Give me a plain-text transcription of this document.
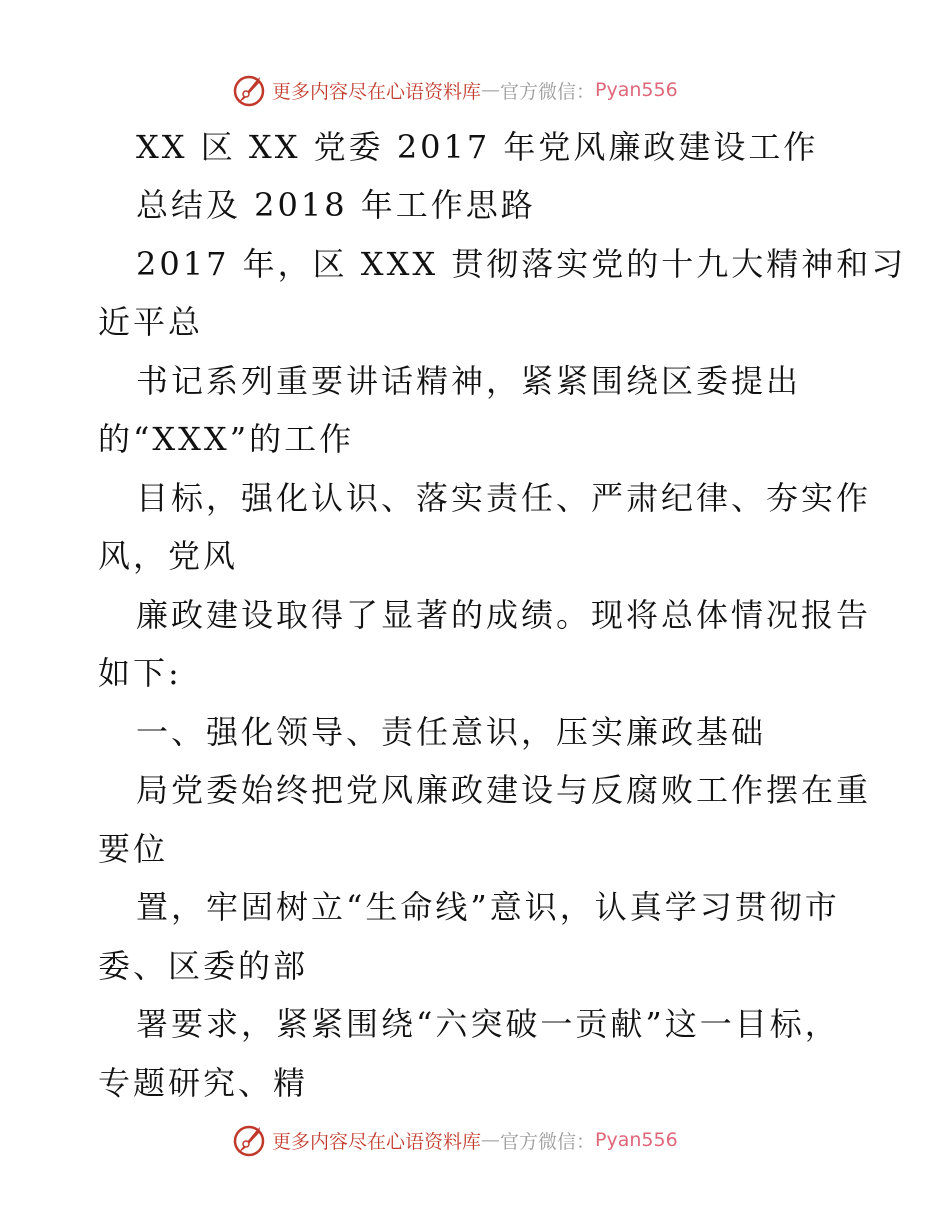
更多内容尽在心语资料库 — 官方微信： Pyan556
XX 区 XX 党委 2017 年党风廉政建设工作
总结及 2018 年工作思路
2017 年，区 XXX 贯彻落实党的十九大精神和习
近平总
书记系列重要讲话精神，紧紧围绕区委提出
的“XXX”的工作
目标，强化认识、落实责任、严肃纪律、夯实作
风，党风
廉政建设取得了显著的成绩。现将总体情况报告
如下:
一、强化领导、责任意识，压实廉政基础
局党委始终把党风廉政建设与反腐败工作摆在重
要位
置，牢固树立“生命线”意识，认真学习贯彻市
委、区委的部
署要求，紧紧围绕“六突破一贡献”这一目标，
专题研究、精
更多内容尽在心语资料库 — 官方微信： Pyan556
